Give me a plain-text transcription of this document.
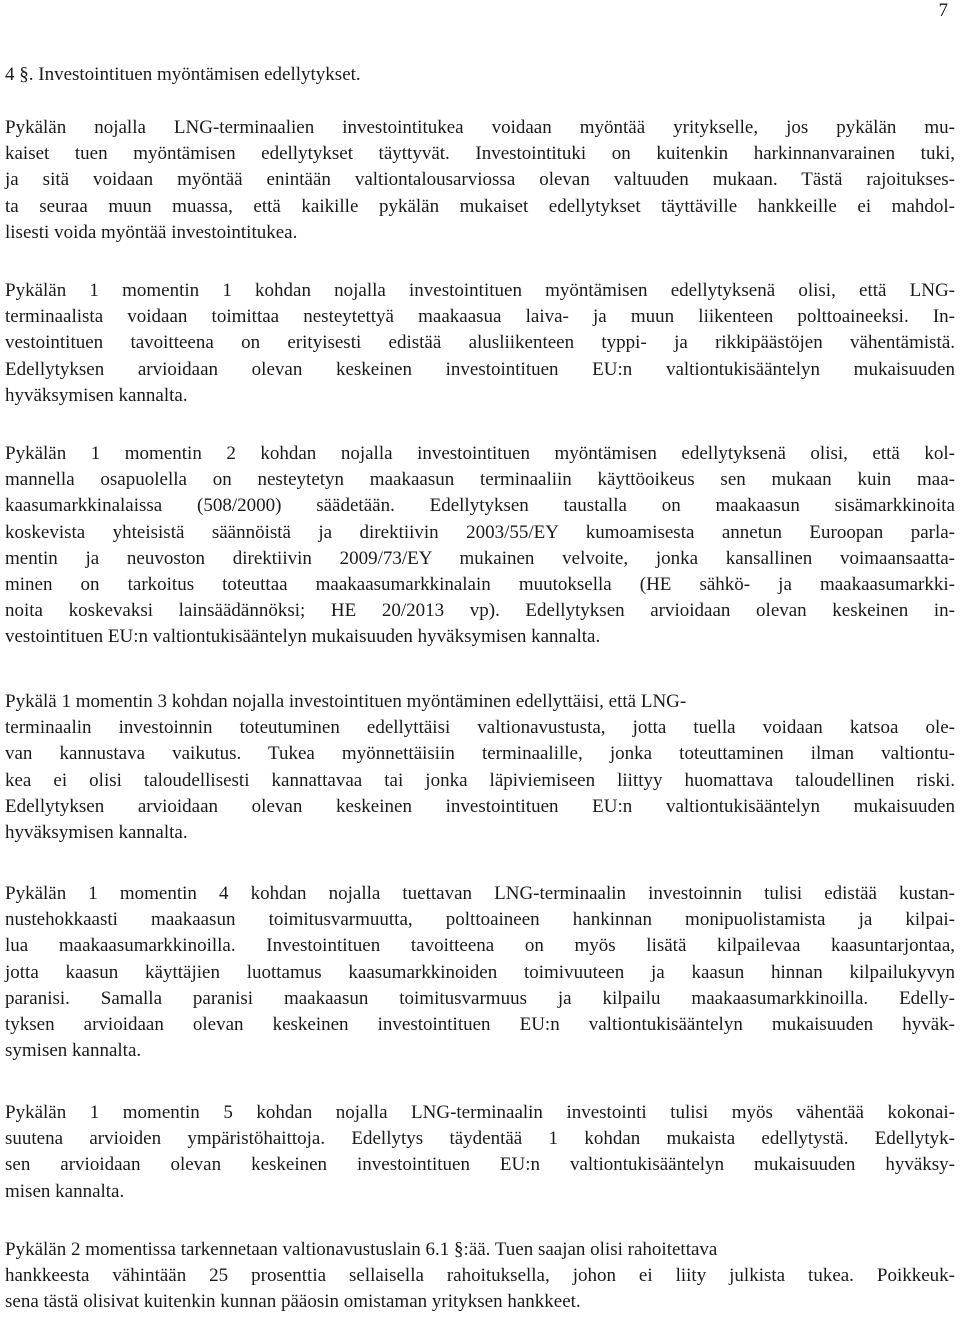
7
4 §. Investointituen myöntämisen edellytykset.
Pykälän nojalla LNG-terminaalien investointitukea voidaan myöntää yritykselle, jos pykälän mu-
kaiset tuen myöntämisen edellytykset täyttyvät. Investointituki on kuitenkin harkinnanvarainen tuki,
ja sitä voidaan myöntää enintään valtiontalousarviossa olevan valtuuden mukaan. Tästä rajoitukses-
ta seuraa muun muassa, että kaikille pykälän mukaiset edellytykset täyttäville hankkeille ei mahdol-
lisesti voida myöntää investointitukea.
Pykälän 1 momentin 1 kohdan nojalla investointituen myöntämisen edellytyksenä olisi, että LNG-
terminaalista voidaan toimittaa nesteytettyä maakaasua laiva- ja muun liikenteen polttoaineeksi. In-
vestointituen tavoitteena on erityisesti edistää alusliikenteen typpi- ja rikkipäästöjen vähentämistä.
Edellytyksen arvioidaan olevan keskeinen investointituen EU:n valtiontukisääntelyn mukaisuuden
hyväksymisen kannalta.
Pykälän 1 momentin 2 kohdan nojalla investointituen myöntämisen edellytyksenä olisi, että kol-
mannella osapuolella on nesteytetyn maakaasun terminaaliin käyttöoikeus sen mukaan kuin maa-
kaasumarkkinalaissa (508/2000) säädetään. Edellytyksen taustalla on maakaasun sisämarkkinoita
koskevista yhteisistä säännöistä ja direktiivin 2003/55/EY kumoamisesta annetun Euroopan parla-
mentin ja neuvoston direktiivin 2009/73/EY mukainen velvoite, jonka kansallinen voimaansaatta-
minen on tarkoitus toteuttaa maakaasumarkkinalain muutoksella (HE sähkö- ja maakaasumarkki-
noita koskevaksi lainsäädännöksi; HE 20/2013 vp). Edellytyksen arvioidaan olevan keskeinen in-
vestointituen EU:n valtiontukisääntelyn mukaisuuden hyväksymisen kannalta.
Pykälä 1 momentin 3 kohdan nojalla investointituen myöntäminen edellyttäisi, että LNG-
terminaalin investoinnin toteutuminen edellyttäisi valtionavustusta, jotta tuella voidaan katsoa ole-
van kannustava vaikutus. Tukea myönnettäisiin terminaalille, jonka toteuttaminen ilman valtiontu-
kea ei olisi taloudellisesti kannattavaa tai jonka läpiviemiseen liittyy huomattava taloudellinen riski.
Edellytyksen arvioidaan olevan keskeinen investointituen EU:n valtiontukisääntelyn mukaisuuden
hyväksymisen kannalta.
Pykälän 1 momentin 4 kohdan nojalla tuettavan LNG-terminaalin investoinnin tulisi edistää kustan-
nustehokkaasti maakaasun toimitusvarmuutta, polttoaineen hankinnan monipuolistamista ja kilpai-
lua maakaasumarkkinoilla. Investointituen tavoitteena on myös lisätä kilpailevaa kaasuntarjontaa,
jotta kaasun käyttäjien luottamus kaasumarkkinoiden toimivuuteen ja kaasun hinnan kilpailukyvyn
paranisi. Samalla paranisi maakaasun toimitusvarmuus ja kilpailu maakaasumarkkinoilla. Edelly-
tyksen arvioidaan olevan keskeinen investointituen EU:n valtiontukisääntelyn mukaisuuden hyväk-
symisen kannalta.
Pykälän 1 momentin 5 kohdan nojalla LNG-terminaalin investointi tulisi myös vähentää kokonai-
suutena arvioiden ympäristöhaittoja. Edellytys täydentää 1 kohdan mukaista edellytystä. Edellytyk-
sen arvioidaan olevan keskeinen investointituen EU:n valtiontukisääntelyn mukaisuuden hyväksy-
misen kannalta.
Pykälän 2 momentissa tarkennetaan valtionavustuslain 6.1 §:ää. Tuen saajan olisi rahoitettava
hankkeesta vähintään 25 prosenttia sellaisella rahoituksella, johon ei liity julkista tukea. Poikkeuk-
sena tästä olisivat kuitenkin kunnan pääosin omistaman yrityksen hankkeet.
